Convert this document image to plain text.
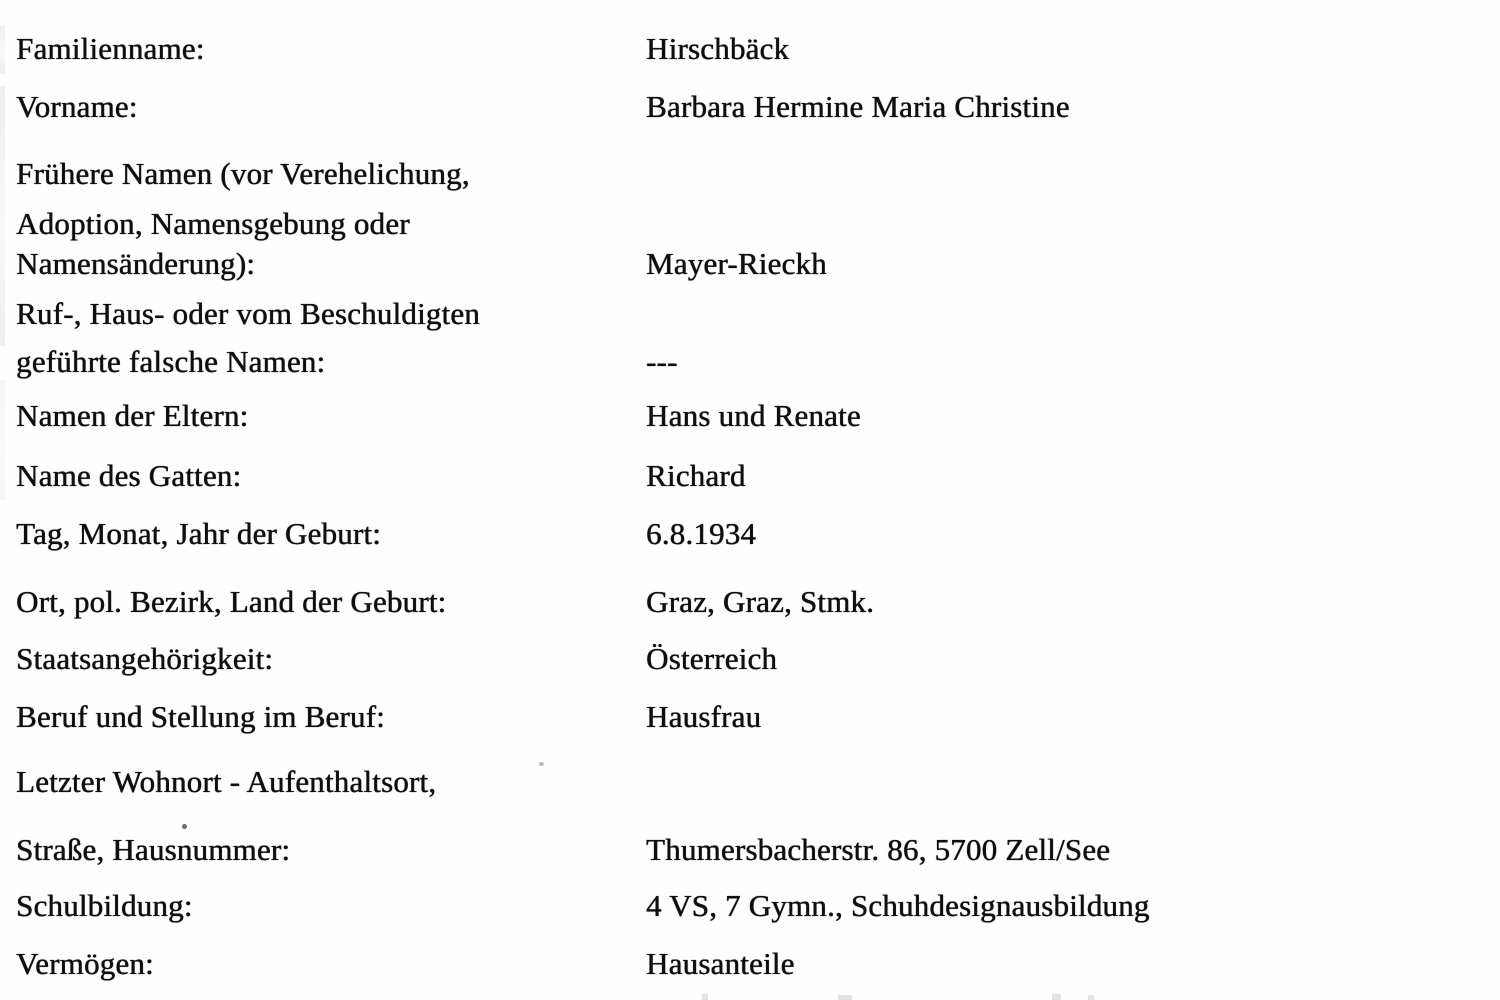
Familienname:	Hirschbäck
Vorname:	Barbara Hermine Maria Christine
Frühere Namen (vor Verehelichung,
Adoption, Namensgebung oder
Namensänderung):	Mayer-Rieckh
Ruf-, Haus- oder vom Beschuldigten
geführte falsche Namen:	---
Namen der Eltern:	Hans und Renate
Name des Gatten:	Richard
Tag, Monat, Jahr der Geburt:	6.8.1934
Ort, pol. Bezirk, Land der Geburt:	Graz, Graz, Stmk.
Staatsangehörigkeit:	Österreich
Beruf und Stellung im Beruf:	Hausfrau
Letzter Wohnort - Aufenthaltsort,
Straße, Hausnummer:	Thumersbacherstr. 86, 5700 Zell/See
Schulbildung:	4 VS, 7 Gymn., Schuhdesignausbildung
Vermögen:	Hausanteile
